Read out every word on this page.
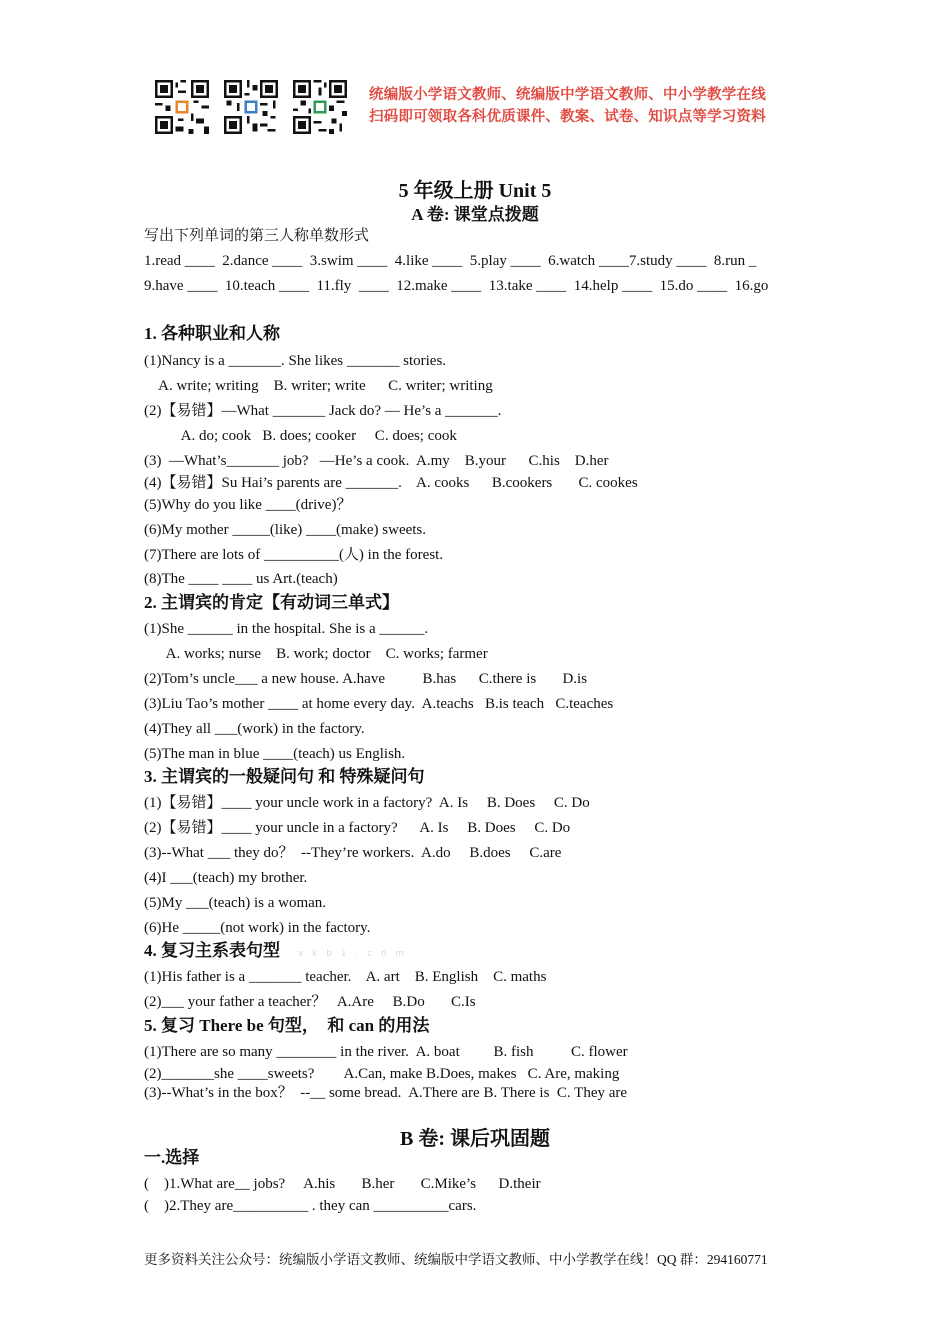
统编版小学语文教师、统编版中学语文教师、中小学教学在线
扫码即可领取各科优质课件、教案、试卷、知识点等学习资料
5 年级上册 Unit 5
A 卷: 课堂点拨题
写出下列单词的第三人称单数形式
1.read ____  2.dance ____  3.swim ____  4.like ____  5.play ____  6.watch ____7.study ____  8.run _
9.have ____  10.teach ____  11.fly  ____  12.make ____  13.take ____  14.help ____  15.do ____  16.go
1. 各种职业和人称
(1)Nancy is a _______. She likes _______ stories.
A. write; writing    B. writer; write      C. writer; writing
(2)【易错】—What _______ Jack do? — He’s a _______.
A. do; cook   B. does; cooker     C. does; cook
(3)  —What’s_______ job?   —He’s a cook.  A.my    B.your      C.his    D.her
(4)【易错】Su Hai’s parents are _______.    A. cooks      B.cookers       C. cookes
(5)Why do you like ____(drive)？
(6)My mother _____(like) ____(make) sweets.
(7)There are lots of __________(人) in the forest.
(8)The ____ ____ us Art.(teach)
2. 主谓宾的肯定【有动词三单式】
(1)She ______ in the hospital. She is a ______.
A. works; nurse    B. work; doctor    C. works; farmer
(2)Tom’s uncle___ a new house. A.have          B.has      C.there is       D.is
(3)Liu Tao’s mother ____ at home every day.  A.teachs   B.is teach   C.teaches
(4)They all ___(work) in the factory.
(5)The man in blue ____(teach) us English.
3. 主谓宾的一般疑问句 和 特殊疑问句
(1)【易错】____ your uncle work in a factory?  A. Is     B. Does     C. Do
(2)【易错】____ your uncle in a factory?      A. Is     B. Does     C. Do
(3)--What ___ they do？  --They’re workers.  A.do     B.does     C.are
(4)I ___(teach) my brother.
(5)My ___(teach) is a woman.
(6)He _____(not work) in the factory.
4. 复习主系表句型 x k b 1 . c o m
(1)His father is a _______ teacher.    A. art    B. English    C. maths
(2)___ your father a teacher？   A.Are     B.Do       C.Is
5. 复习 There be 句型，  和 can 的用法
(1)There are so many ________ in the river.  A. boat         B. fish          C. flower
(2)_______she ____sweets?        A.Can, make B.Does, makes   C. Are, making
(3)--What’s in the box？  --__ some bread.  A.There are B. There is  C. They are
B 卷: 课后巩固题
一.选择
(    )1.What are__ jobs?     A.his       B.her       C.Mike’s      D.their
(    )2.They are__________ . they can __________cars.
更多资料关注公众号：统编版小学语文教师、统编版中学语文教师、中小学教学在线！QQ 群：294160771
